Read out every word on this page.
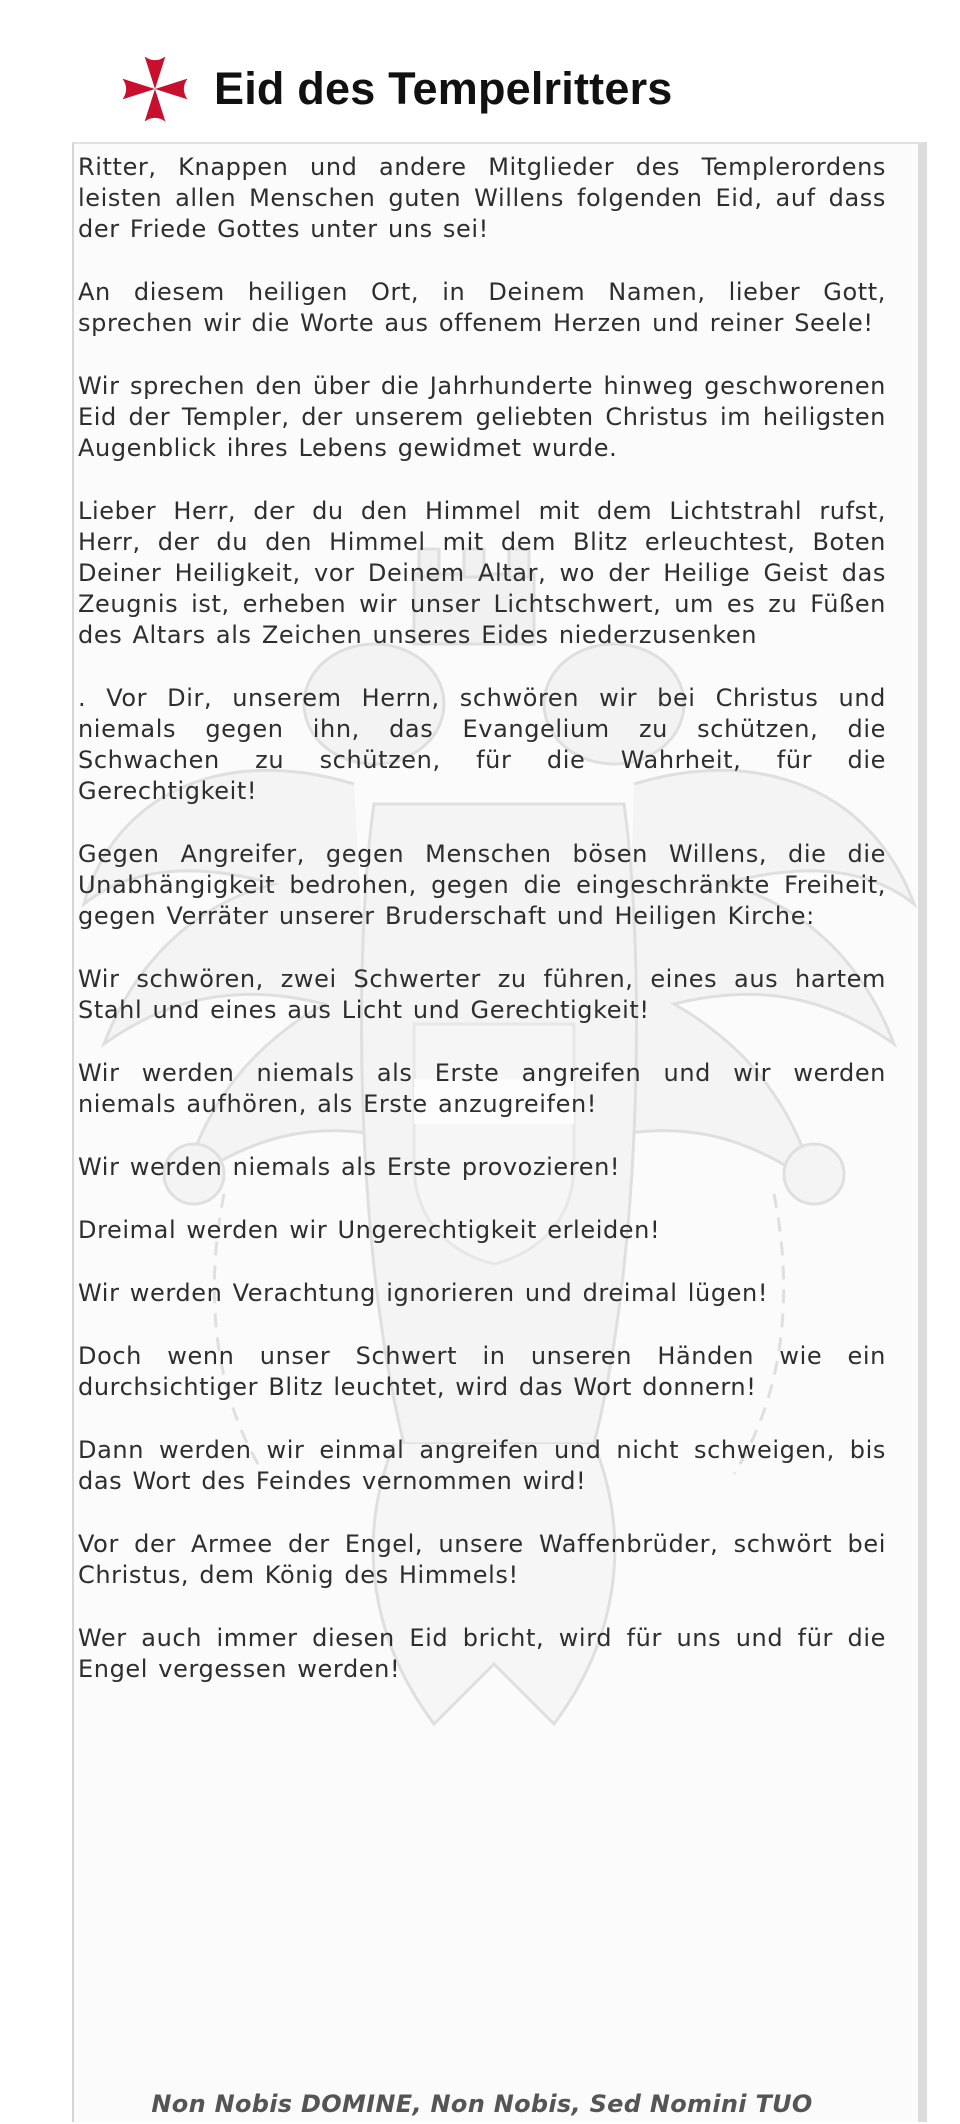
Eid des Tempelritters

Ritter, Knappen und andere Mitglieder des Templerordens leisten allen Menschen guten Willens folgenden Eid, auf dass der Friede Gottes unter uns sei!

An diesem heiligen Ort, in Deinem Namen, lieber Gott, sprechen wir die Worte aus offenem Herzen und reiner Seele!

Wir sprechen den über die Jahrhunderte hinweg geschworenen Eid der Templer, der unserem geliebten Christus im heiligsten Augenblick ihres Lebens gewidmet wurde.

Lieber Herr, der du den Himmel mit dem Lichtstrahl rufst, Herr, der du den Himmel mit dem Blitz erleuchtest, Boten Deiner Heiligkeit, vor Deinem Altar, wo der Heilige Geist das Zeugnis ist, erheben wir unser Lichtschwert, um es zu Füßen des Altars als Zeichen unseres Eides niederzusenken

. Vor Dir, unserem Herrn, schwören wir bei Christus und niemals gegen ihn, das Evangelium zu schützen, die Schwachen zu schützen, für die Wahrheit, für die Gerechtigkeit!

Gegen Angreifer, gegen Menschen bösen Willens, die die Unabhängigkeit bedrohen, gegen die eingeschränkte Freiheit, gegen Verräter unserer Bruderschaft und Heiligen Kirche:

Wir schwören, zwei Schwerter zu führen, eines aus hartem Stahl und eines aus Licht und Gerechtigkeit!

Wir werden niemals als Erste angreifen und wir werden niemals aufhören, als Erste anzugreifen!

Wir werden niemals als Erste provozieren!

Dreimal werden wir Ungerechtigkeit erleiden!

Wir werden Verachtung ignorieren und dreimal lügen!

Doch wenn unser Schwert in unseren Händen wie ein durchsichtiger Blitz leuchtet, wird das Wort donnern!

Dann werden wir einmal angreifen und nicht schweigen, bis das Wort des Feindes vernommen wird!

Vor der Armee der Engel, unsere Waffenbrüder, schwört bei Christus, dem König des Himmels!

Wer auch immer diesen Eid bricht, wird für uns und für die Engel vergessen werden!

Non Nobis DOMINE, Non Nobis, Sed Nomini TUO
